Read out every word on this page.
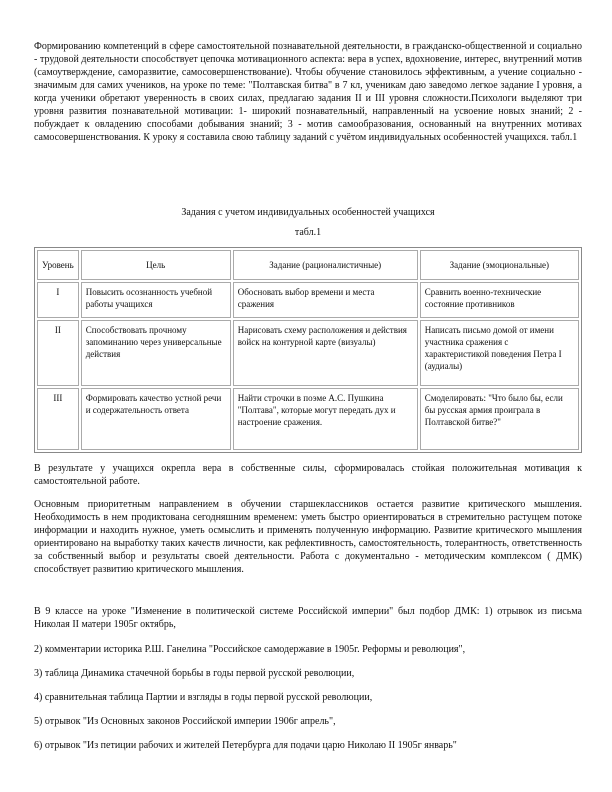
Формированию компетенций в сфере самостоятельной познавательной деятельности, в гражданско-общественной и социально - трудовой деятельности способствует цепочка мотивационного аспекта: вера в успех, вдохновение, интерес, внутренний мотив (самоутверждение, саморазвитие, самосовершенствование). Чтобы обучение становилось эффективным, а учение социально - значимым для самих учеников, на уроке по теме: "Полтавская битва" в 7 кл, ученикам даю заведомо легкое задание I уровня, а когда ученики обретают уверенность в своих силах, предлагаю задания II и III уровня сложности.Психологи выделяют три уровня развития познавательной мотивации: 1- широкий познавательный, направленный на усвоение новых знаний; 2 - побуждает к овладению способами добывания знаний; 3 - мотив самообразования, основанный на внутренних мотивах самосовершенствования. К уроку я составила свою таблицу заданий с учётом индивидуальных особенностей учащихся. табл.1

Задания с учетом индивидуальных особенностей учащихся

табл.1

Уровень	Цель	Задание (рационалистичные)	Задание (эмоциональные)
I	Повысить осознанность учебной работы учащихся	Обосновать выбор времени и места сражения	Сравнить военно-технические состояние противников
II	Способствовать прочному запоминанию через универсальные действия	Нарисовать схему расположения и действия войск на контурной карте (визуалы)	Написать письмо домой от имени участника сражения с характеристикой поведения Петра I (аудиалы)
III	Формировать качество устной речи и содержательность ответа	Найти строчки в поэме А.С. Пушкина "Полтава", которые могут передать дух и настроение сражения.	Смоделировать: "Что было бы, если бы русская армия проиграла в Полтавской битве?"

В результате у учащихся окрепла вера в собственные силы, сформировалась стойкая положительная мотивация к самостоятельной работе.

Основным приоритетным направлением в обучении старшеклассников остается развитие критического мышления. Необходимость в нем продиктована сегодняшним временем: уметь быстро ориентироваться в стремительно растущем потоке информации и находить нужное, уметь осмыслить и применять полученную информацию. Развитие критического мышления ориентировано на выработку таких качеств личности, как рефлективность, самостоятельность, толерантность, ответственность за собственный выбор и результаты своей деятельности. Работа с документально - методическим комплексом ( ДМК) способствует развитию критического мышления.

В 9 классе на уроке "Изменение в политической системе Российской империи" был подбор ДМК: 1) отрывок из письма Николая II матери 1905г октябрь,

2) комментарии историка Р.Ш. Ганелина "Российское самодержавие в 1905г. Реформы и революция",

3) таблица Динамика стачечной борьбы в годы первой русской революции,

4) сравнительная таблица Партии и взгляды в годы первой русской революции,

5) отрывок "Из Основных законов Российской империи 1906г апрель",

6) отрывок "Из петиции рабочих и жителей Петербурга для подачи царю Николаю II 1905г январь"
